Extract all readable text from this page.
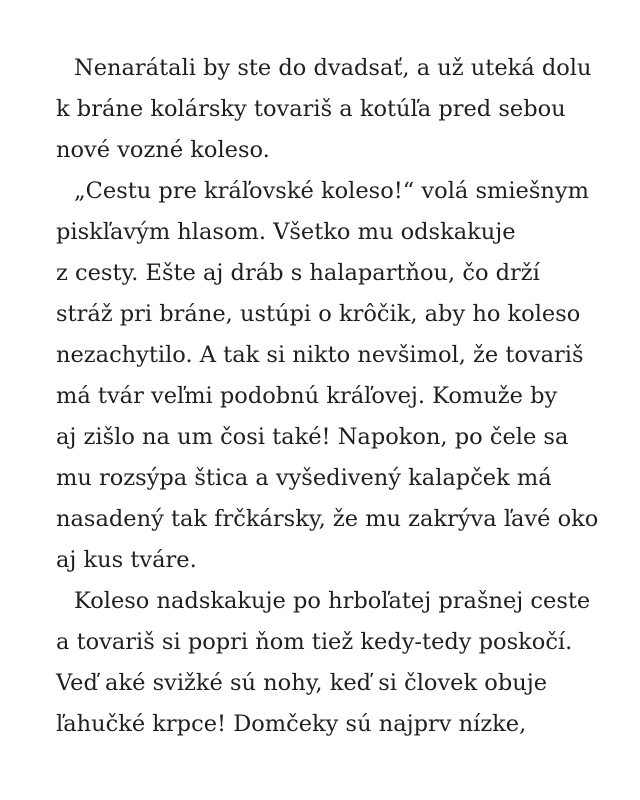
Nenarátali by ste do dvadsať, a už uteká dolu
k bráne kolársky tovariš a kotúľa pred sebou
nové vozné koleso.
„Cestu pre kráľovské koleso!“ volá smiešnym
piskľavým hlasom. Všetko mu odskakuje
z cesty. Ešte aj dráb s halapartňou, čo drží
stráž pri bráne, ustúpi o krôčik, aby ho koleso
nezachytilo. A tak si nikto nevšimol, že tovariš
má tvár veľmi podobnú kráľovej. Komuže by
aj zišlo na um čosi také! Napokon, po čele sa
mu rozsýpa štica a vyšedivený kalapček má
nasadený tak frčkársky, že mu zakrýva ľavé oko
aj kus tváre.
Koleso nadskakuje po hrboľatej prašnej ceste
a tovariš si popri ňom tiež kedy-tedy poskočí.
Veď aké svižké sú nohy, keď si človek obuje
ľahučké krpce! Domčeky sú najprv nízke,
